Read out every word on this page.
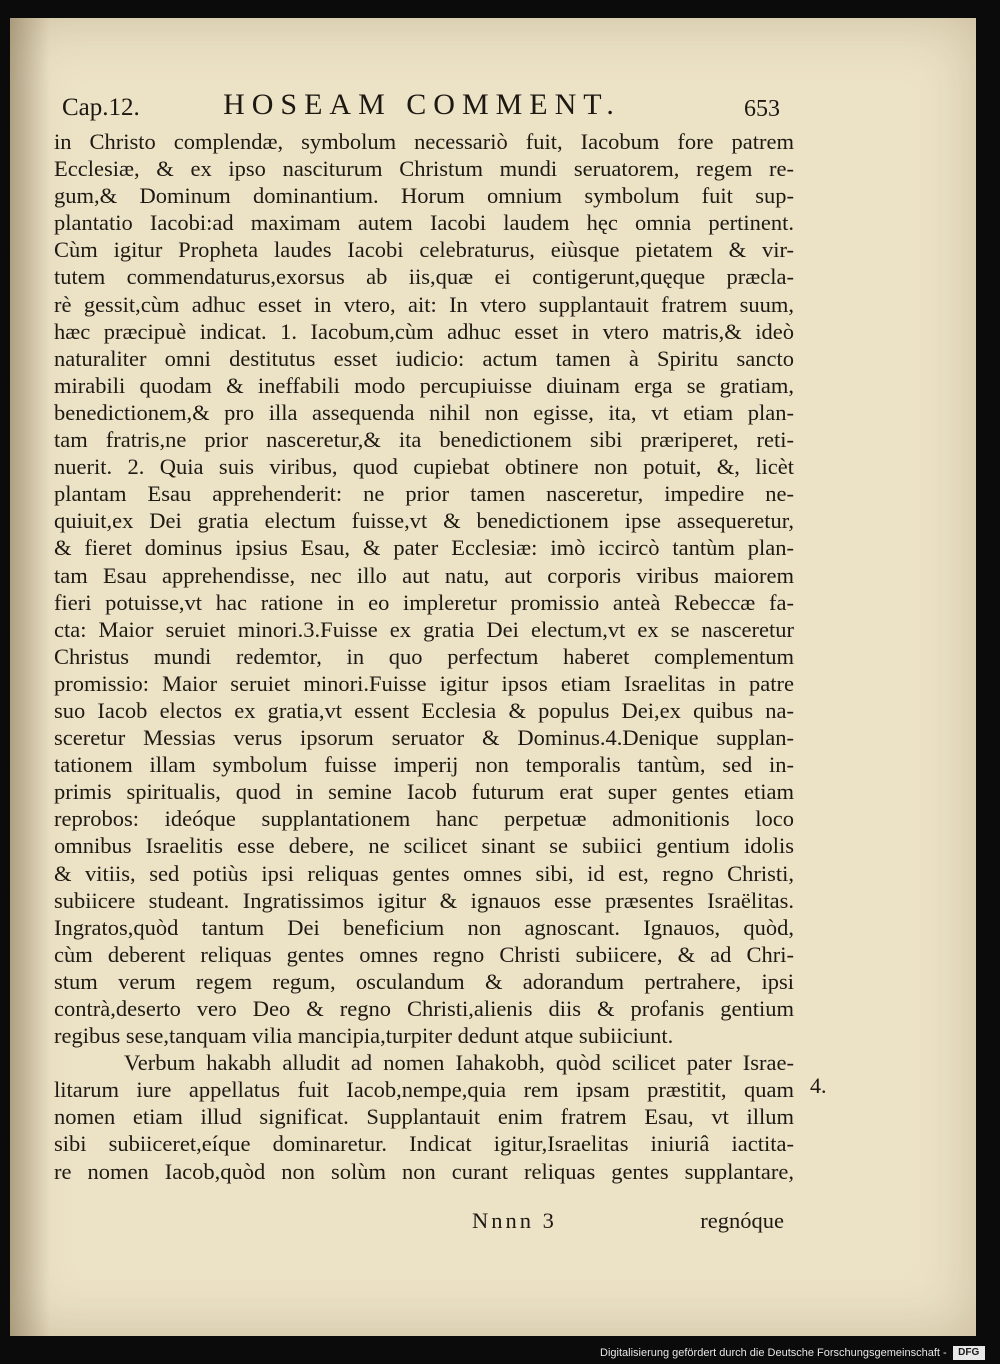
Cap.12.	HOSEAM COMMENT.	653
in Christo complendæ, symbolum necessariò fuit, Iacobum fore patrem
Ecclesiæ, & ex ipso nasciturum Christum mundi seruatorem, regem re-
gum,& Dominum dominantium. Horum omnium symbolum fuit sup-
plantatio Iacobi:ad maximam autem Iacobi laudem hęc omnia pertinent.
Cùm igitur Propheta laudes Iacobi celebraturus, eiùsque pietatem & vir-
tutem commendaturus,exorsus ab iis,quæ ei contigerunt,quęque præcla-
rè gessit,cùm adhuc esset in vtero, ait: In vtero supplantauit fratrem suum,
hæc præcipuè indicat. 1. Iacobum,cùm adhuc esset in vtero matris,& ideò
naturaliter omni destitutus esset iudicio: actum tamen à Spiritu sancto
mirabili quodam & ineffabili modo percupiuisse diuinam erga se gratiam,
benedictionem,& pro illa assequenda nihil non egisse, ita, vt etiam plan-
tam fratris,ne prior nasceretur,& ita benedictionem sibi præriperet, reti-
nuerit. 2. Quia suis viribus, quod cupiebat obtinere non potuit, &, licèt
plantam Esau apprehenderit: ne prior tamen nasceretur, impedire ne-
quiuit,ex Dei gratia electum fuisse,vt & benedictionem ipse assequeretur,
& fieret dominus ipsius Esau, & pater Ecclesiæ: imò iccircò tantùm plan-
tam Esau apprehendisse, nec illo aut natu, aut corporis viribus maiorem
fieri potuisse,vt hac ratione in eo impleretur promissio anteà Rebeccæ fa-
cta: Maior seruiet minori.3.Fuisse ex gratia Dei electum,vt ex se nasceretur
Christus mundi redemtor, in quo perfectum haberet complementum
promissio: Maior seruiet minori.Fuisse igitur ipsos etiam Israelitas in patre
suo Iacob electos ex gratia,vt essent Ecclesia & populus Dei,ex quibus na-
sceretur Messias verus ipsorum seruator & Dominus.4.Denique supplan-
tationem illam symbolum fuisse imperij non temporalis tantùm, sed in-
primis spiritualis, quod in semine Iacob futurum erat super gentes etiam
reprobos: ideóque supplantationem hanc perpetuæ admonitionis loco
omnibus Israelitis esse debere, ne scilicet sinant se subiici gentium idolis
& vitiis, sed potiùs ipsi reliquas gentes omnes sibi, id est, regno Christi,
subiicere studeant. Ingratissimos igitur & ignauos esse præsentes Israëlitas.
Ingratos,quòd tantum Dei beneficium non agnoscant. Ignauos, quòd,
cùm deberent reliquas gentes omnes regno Christi subiicere, & ad Chri-
stum verum regem regum, osculandum & adorandum pertrahere, ipsi
contrà,deserto vero Deo & regno Christi,alienis diis & profanis gentium
regibus sese,tanquam vilia mancipia,turpiter dedunt atque subiiciunt.
Verbum hakabh alludit ad nomen Iahakobh, quòd scilicet pater Israe-
litarum iure appellatus fuit Iacob,nempe,quia rem ipsam præstitit, quam
nomen etiam illud significat. Supplantauit enim fratrem Esau, vt illum
sibi subiiceret,eíque dominaretur. Indicat igitur,Israelitas iniuriâ iactita-
re nomen Iacob,quòd non solùm non curant reliquas gentes supplantare,
4.
Nnnn 3	regnóque
Digitalisierung gefördert durch die Deutsche Forschungsgemeinschaft -	DFG
